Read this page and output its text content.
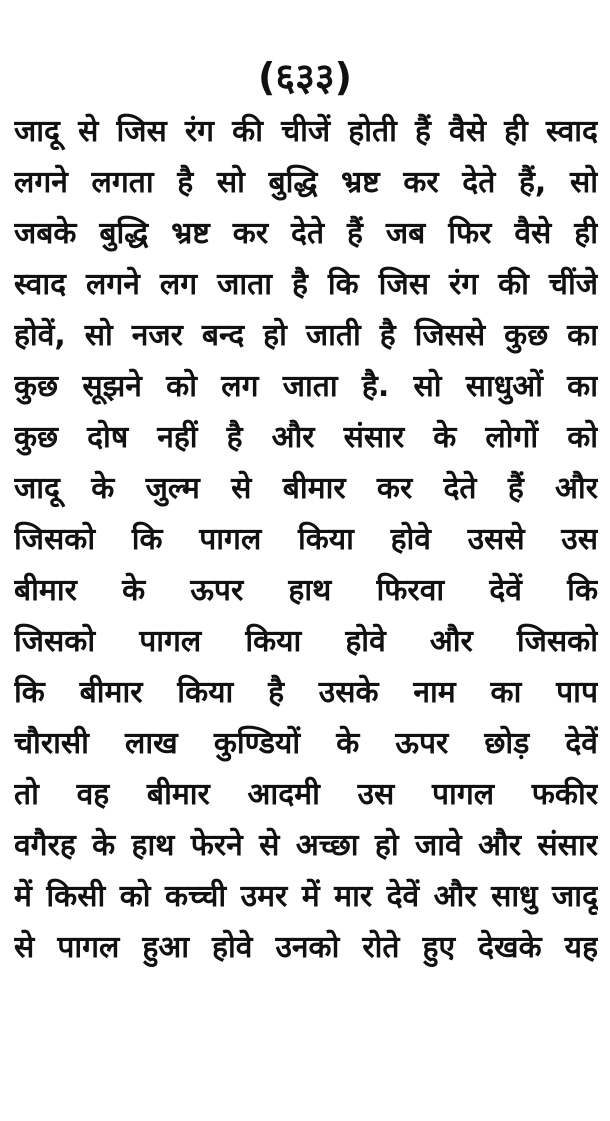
(६३३)
जादू से जिस रंग की चीजें होती हैं वैसे ही स्वाद
लगने लगता है सो बुद्धि भ्रष्ट कर देते हैं, सो
जबके बुद्धि भ्रष्ट कर देते हैं जब फिर वैसे ही
स्वाद लगने लग जाता है कि जिस रंग की चींजे
होवें, सो नजर बन्द हो जाती है जिससे कुछ का
कुछ सूझने को लग जाता है. सो साधुओं का
कुछ दोष नहीं है और संसार के लोगों को
जादू के जुल्म से बीमार कर देते हैं और
जिसको कि पागल किया होवे उससे उस
बीमार के ऊपर हाथ फिरवा देवें कि
जिसको पागल किया होवे और जिसको
कि बीमार किया है उसके नाम का पाप
चौरासी लाख कुण्डियों के ऊपर छोड़ देवें
तो वह बीमार आदमी उस पागल फकीर
वगैरह के हाथ फेरने से अच्छा हो जावे और संसार
में किसी को कच्ची उमर में मार देवें और साधु जादू
से पागल हुआ होवे उनको रोते हुए देखके यह
